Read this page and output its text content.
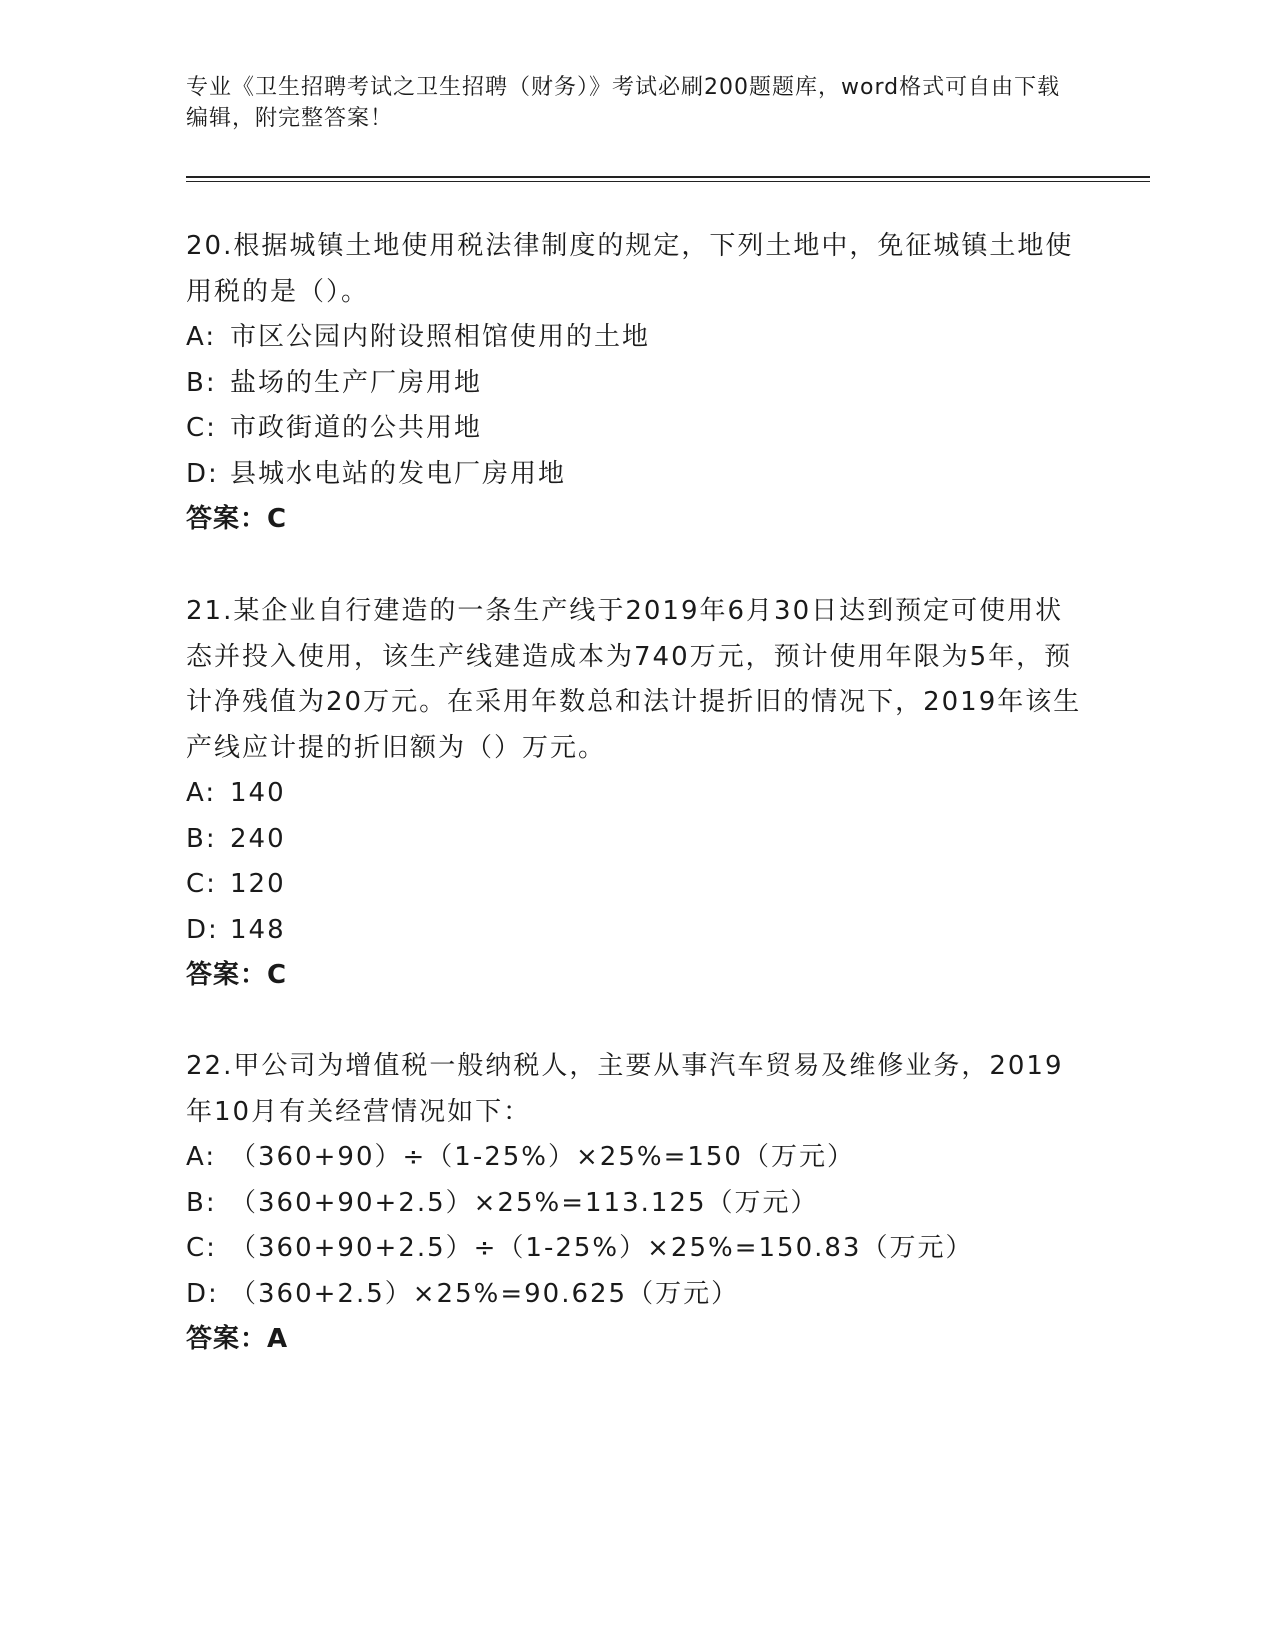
专业《卫生招聘考试之卫生招聘（财务）》考试必刷200题题库，word格式可自由下载编辑，附完整答案！

20.根据城镇土地使用税法律制度的规定，下列土地中，免征城镇土地使用税的是（）。

A: 市区公园内附设照相馆使用的土地
B: 盐场的生产厂房用地
C: 市政街道的公共用地
D: 县城水电站的发电厂房用地
答案：C

21.某企业自行建造的一条生产线于2019年6月30日达到预定可使用状态并投入使用，该生产线建造成本为740万元，预计使用年限为5年，预计净残值为20万元。在采用年数总和法计提折旧的情况下，2019年该生产线应计提的折旧额为（）万元。

A: 140
B: 240
C: 120
D: 148
答案：C

22.甲公司为增值税一般纳税人，主要从事汽车贸易及维修业务，2019年10月有关经营情况如下：

A: （360+90）÷（1-25%）×25%=150（万元）
B: （360+90+2.5）×25%=113.125（万元）
C: （360+90+2.5）÷（1-25%）×25%=150.83（万元）
D: （360+2.5）×25%=90.625（万元）
答案：A
